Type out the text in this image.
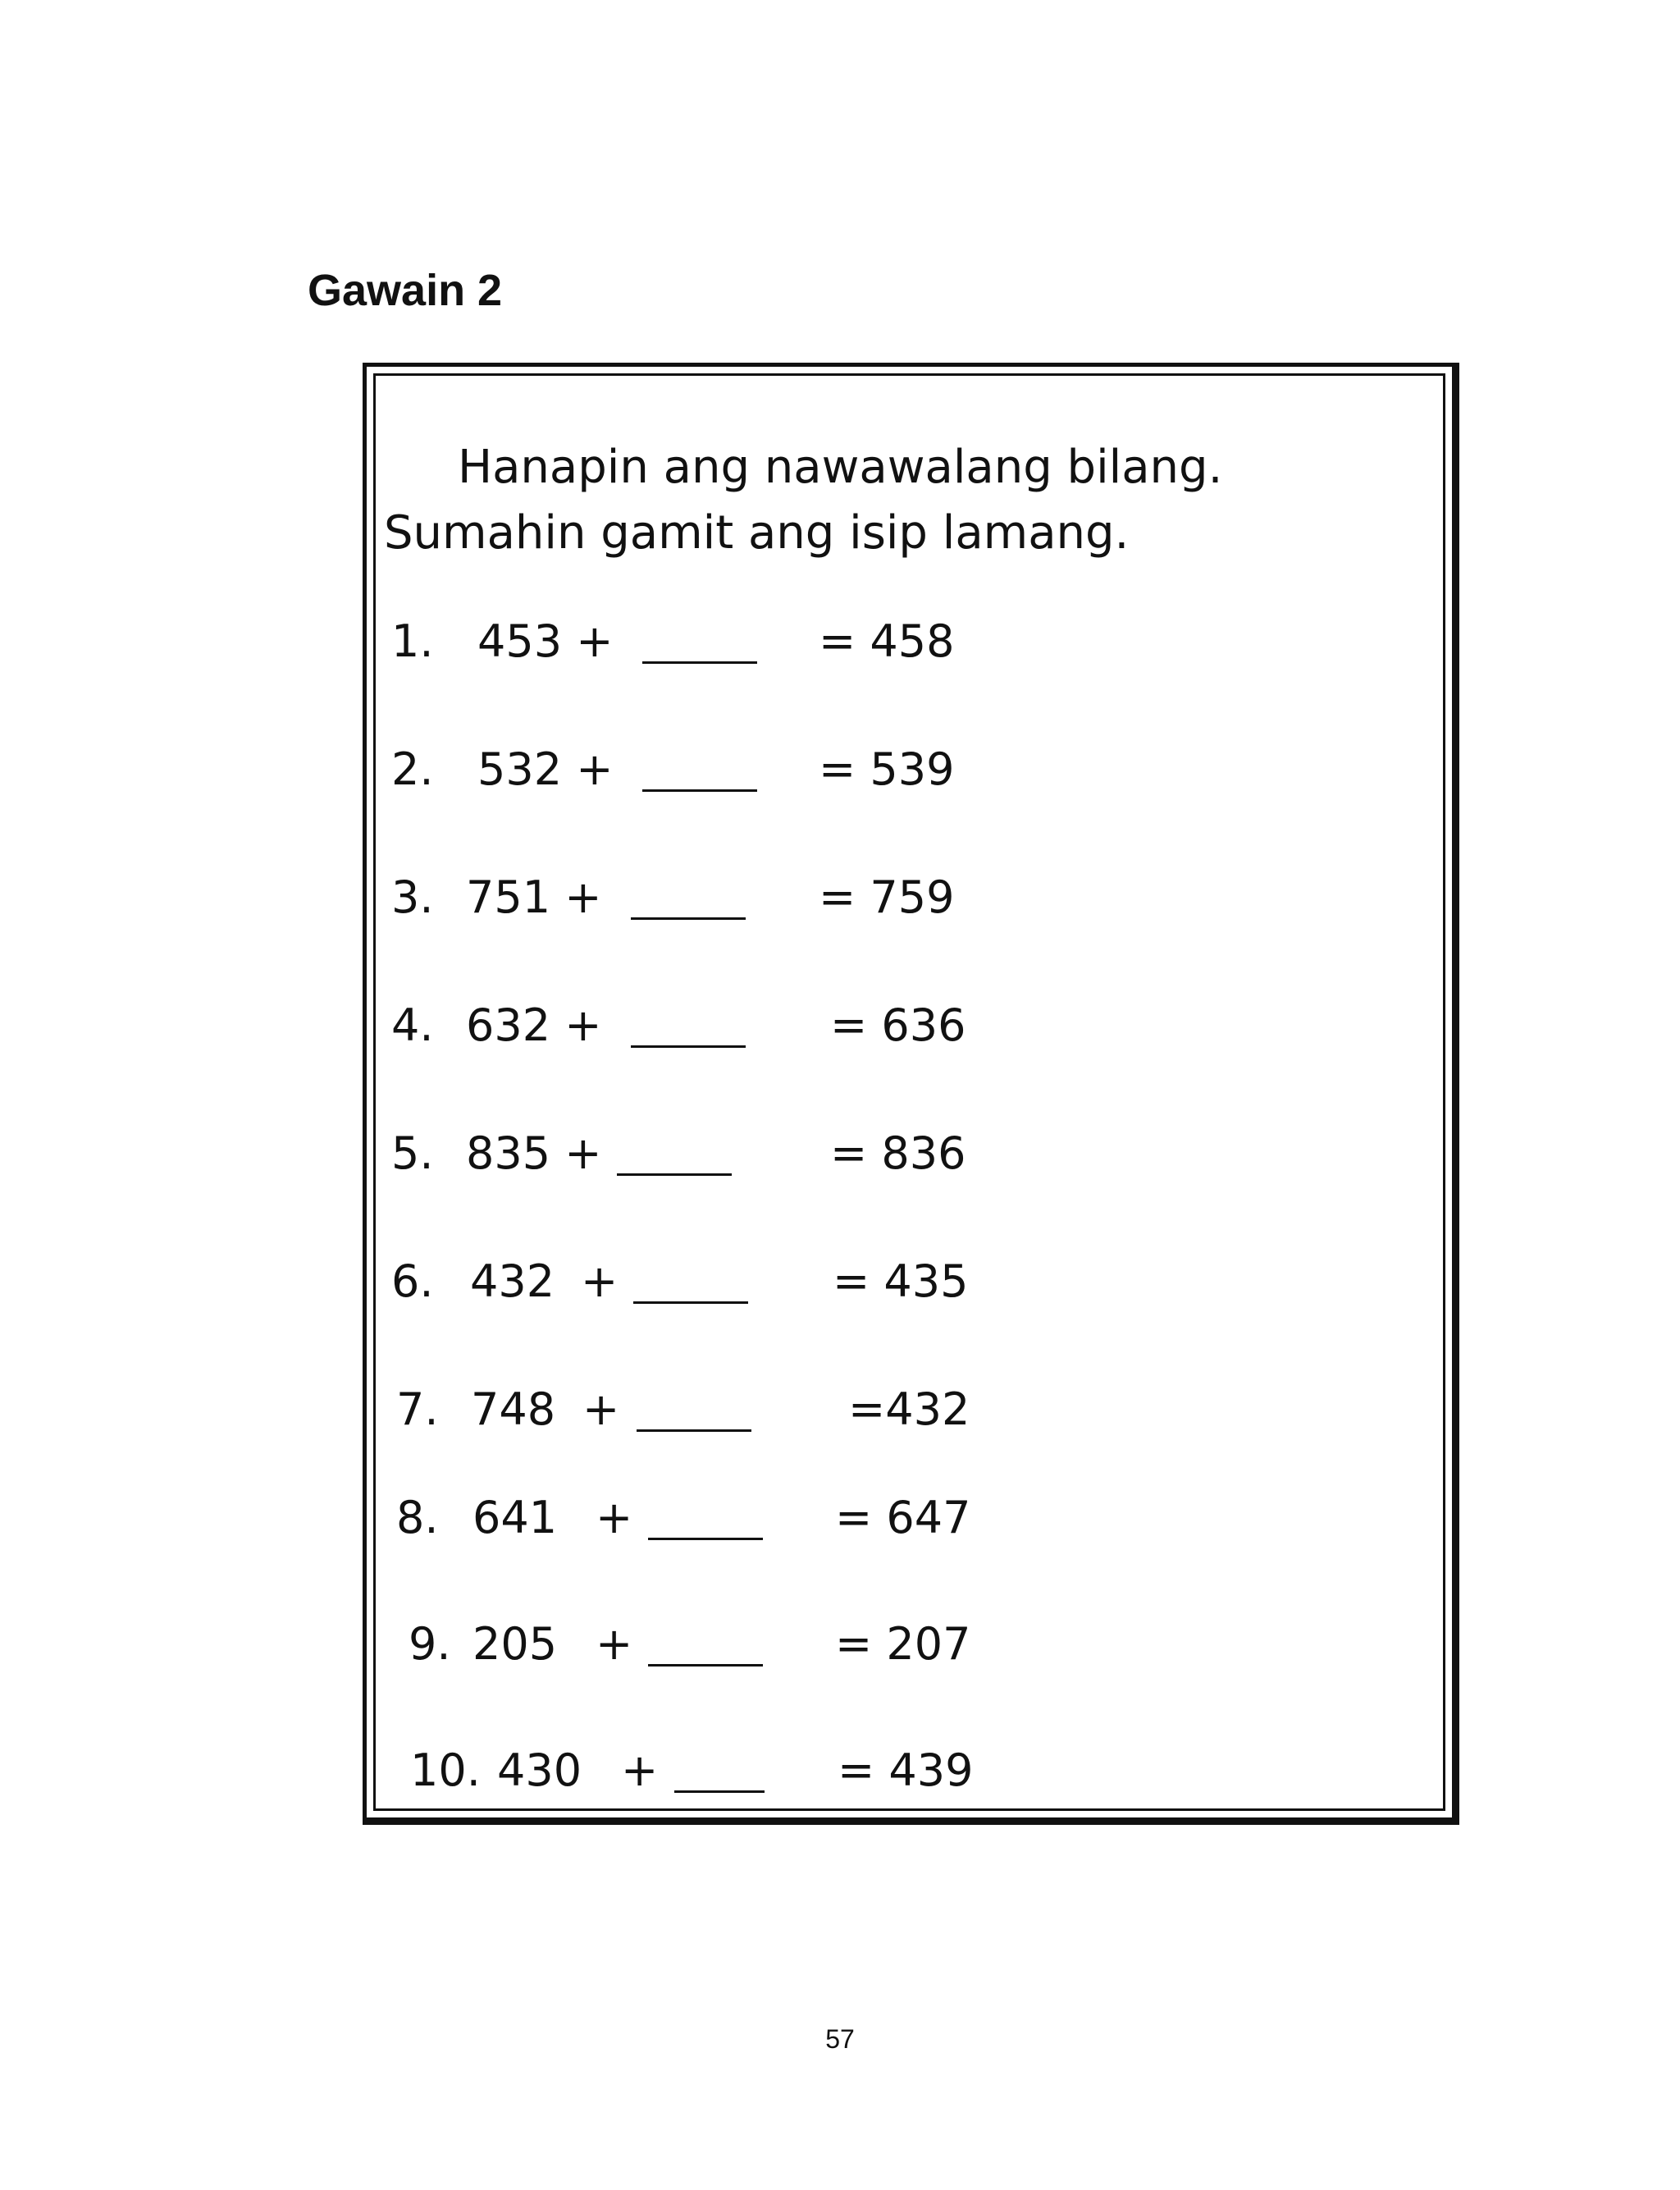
Gawain 2
Hanapin ang nawawalang bilang.
Sumahin gamit ang isip lamang.
1. 453 +	= 458
2. 532 +	= 539
3. 751 +	= 759
4. 632 +	= 636
5. 835 +	= 836
6. 432 +	= 435
7. 748 +	=432
8. 641 +	= 647
9. 205 +	= 207
10. 430 +	= 439
57
